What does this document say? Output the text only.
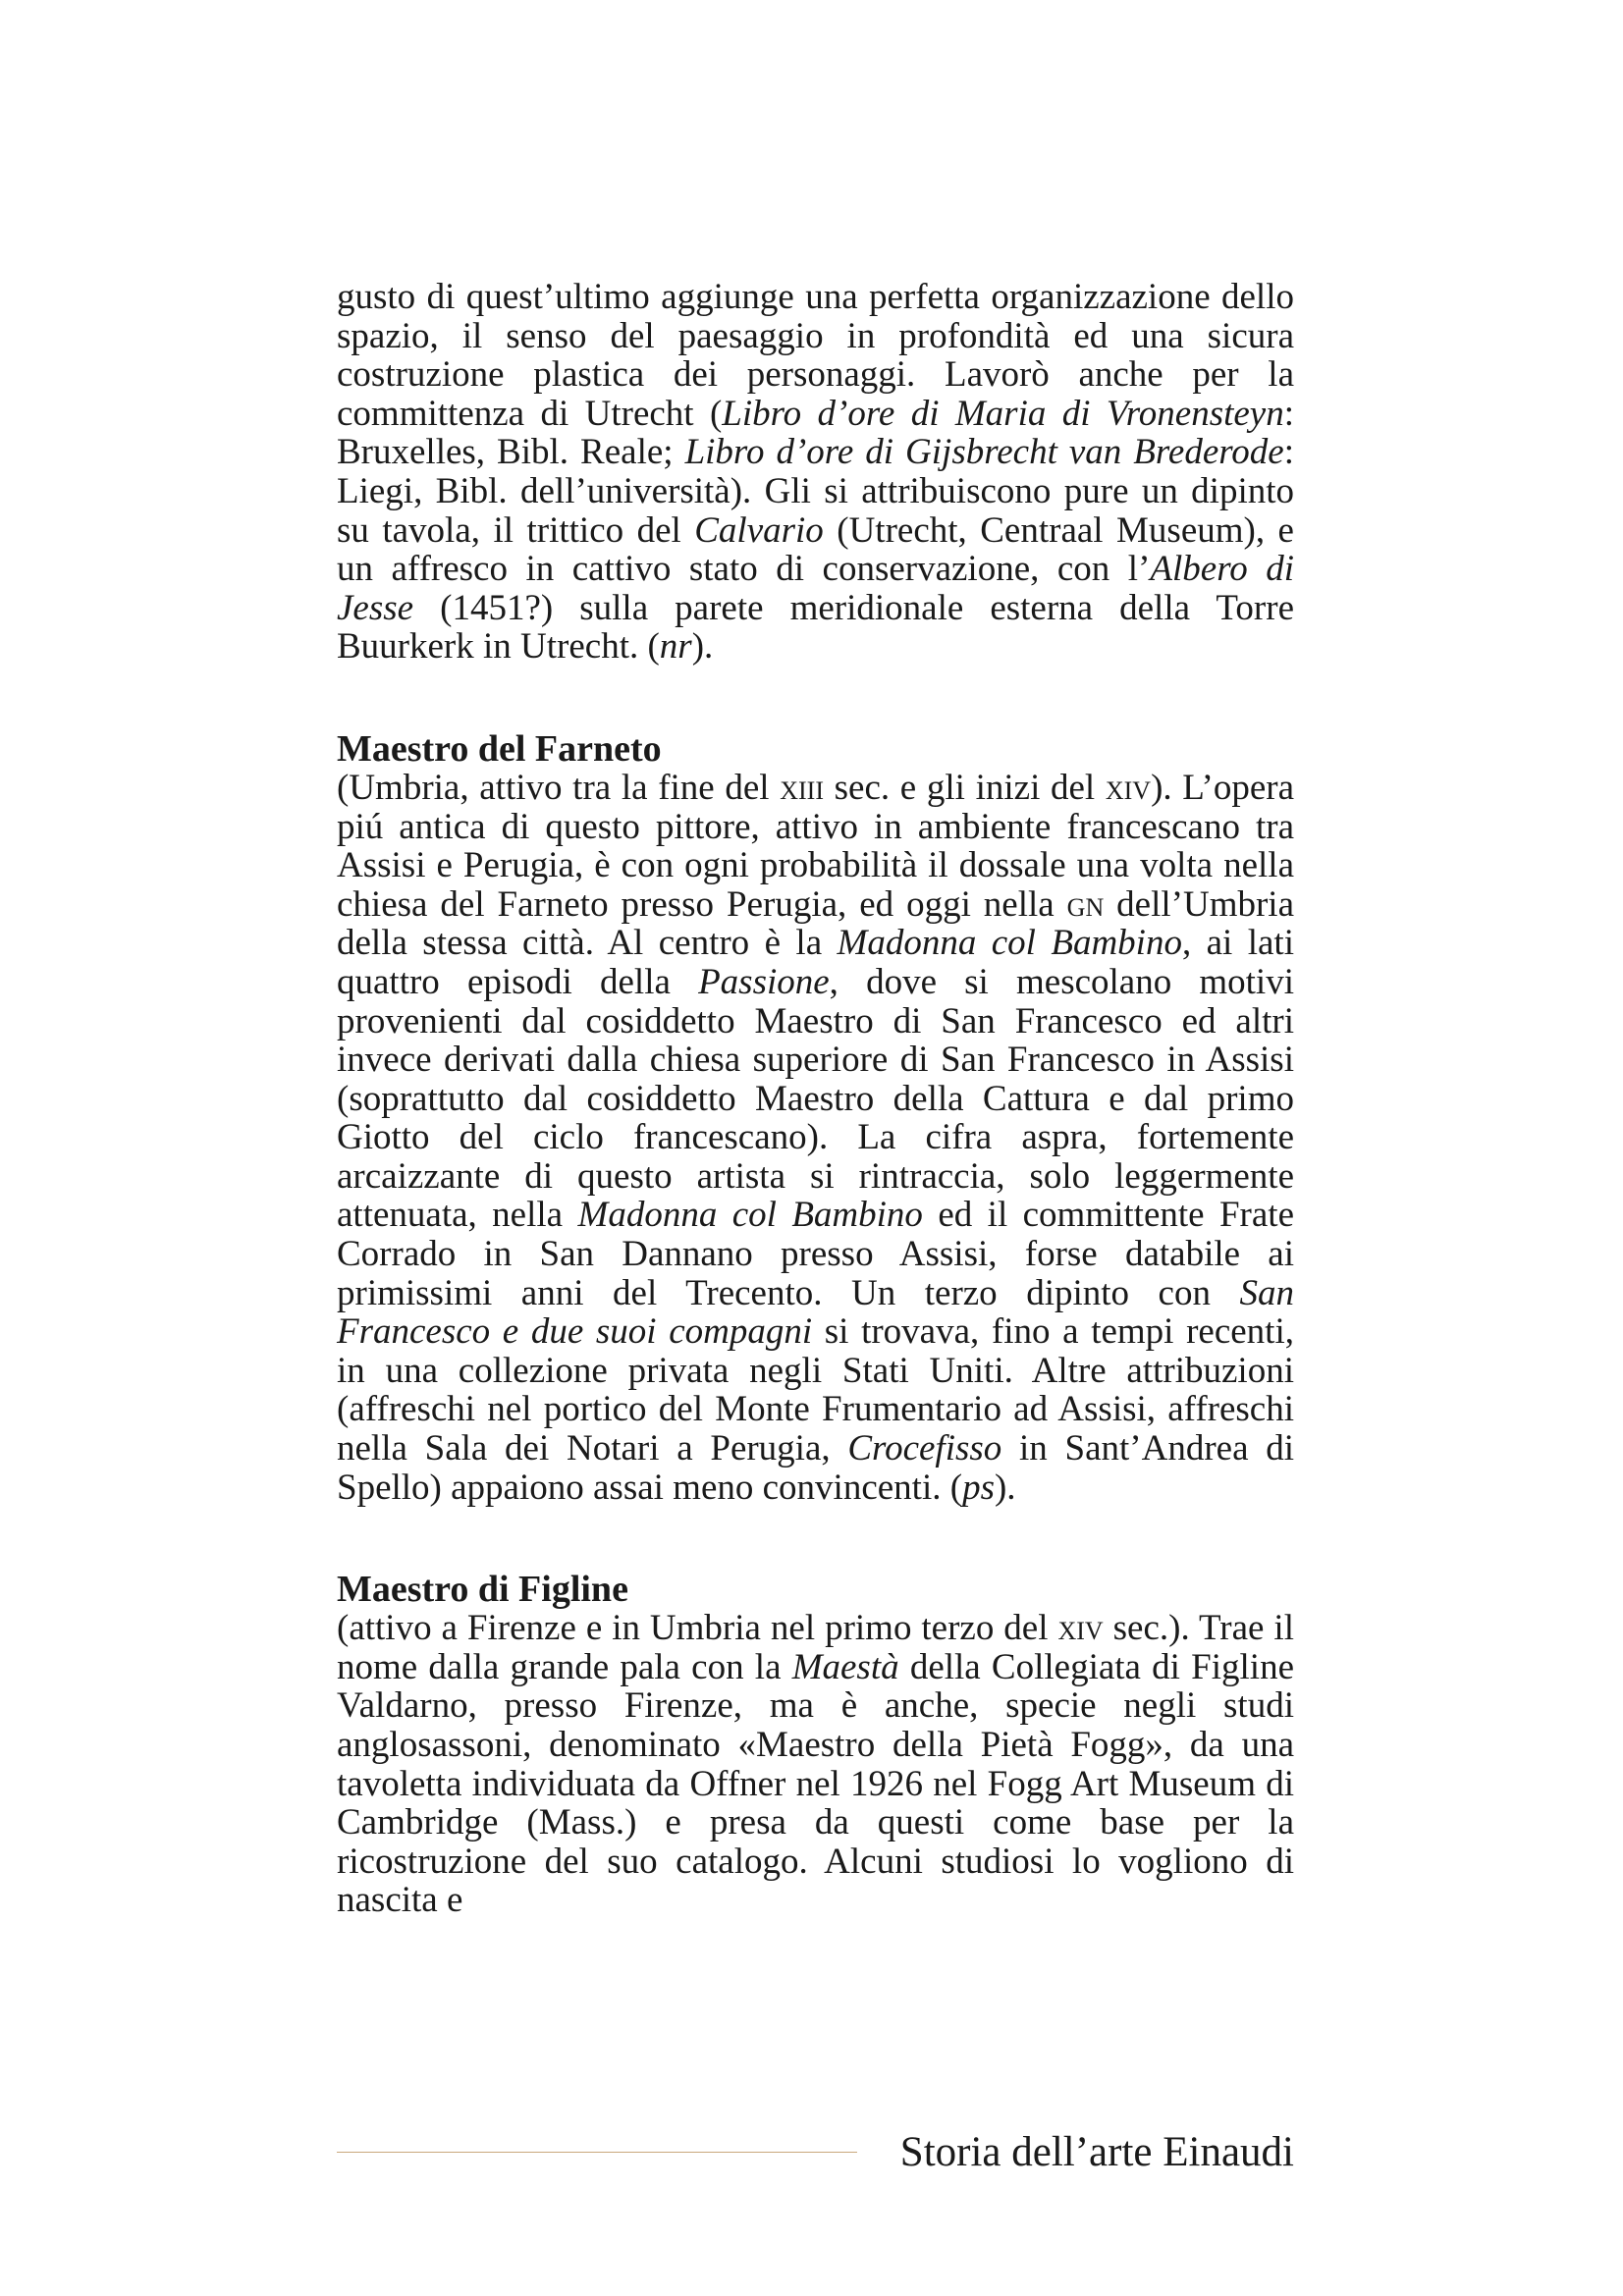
gusto di quest’ultimo aggiunge una perfetta organizzazione dello spazio, il senso del paesaggio in profondità ed una sicura costruzione plastica dei personaggi. Lavorò anche per la committenza di Utrecht (Libro d’ore di Maria di Vronensteyn: Bruxelles, Bibl. Reale; Libro d’ore di Gijsbrecht van Brederode: Liegi, Bibl. dell’università). Gli si attribuiscono pure un dipinto su tavola, il trittico del Calvario (Utrecht, Centraal Museum), e un affresco in cattivo stato di conservazione, con l’Albero di Jesse (1451?) sulla parete meridionale esterna della Torre Buurkerk in Utrecht. (nr).

Maestro del Farneto

(Umbria, attivo tra la fine del xiii sec. e gli inizi del xiv). L’opera piú antica di questo pittore, attivo in ambiente francescano tra Assisi e Perugia, è con ogni probabilità il dossale una volta nella chiesa del Farneto presso Perugia, ed oggi nella gn dell’Umbria della stessa città. Al centro è la Madonna col Bambino, ai lati quattro episodi della Passione, dove si mescolano motivi provenienti dal cosiddetto Maestro di San Francesco ed altri invece derivati dalla chiesa superiore di San Francesco in Assisi (soprattutto dal cosiddetto Maestro della Cattura e dal primo Giotto del ciclo francescano). La cifra aspra, fortemente arcaizzante di questo artista si rintraccia, solo leggermente attenuata, nella Madonna col Bambino ed il committente Frate Corrado in San Dannano presso Assisi, forse databile ai primissimi anni del Trecento. Un terzo dipinto con San Francesco e due suoi compagni si trovava, fino a tempi recenti, in una collezione privata negli Stati Uniti. Altre attribuzioni (affreschi nel portico del Monte Frumentario ad Assisi, affreschi nella Sala dei Notari a Perugia, Crocefisso in Sant’Andrea di Spello) appaiono assai meno convincenti. (ps).

Maestro di Figline

(attivo a Firenze e in Umbria nel primo terzo del xiv sec.). Trae il nome dalla grande pala con la Maestà della Collegiata di Figline Valdarno, presso Firenze, ma è anche, specie negli studi anglosassoni, denominato «Maestro della Pietà Fogg», da una tavoletta individuata da Offner nel 1926 nel Fogg Art Museum di Cambridge (Mass.) e presa da questi come base per la ricostruzione del suo catalogo. Alcuni studiosi lo vogliono di nascita e

Storia dell’arte Einaudi
